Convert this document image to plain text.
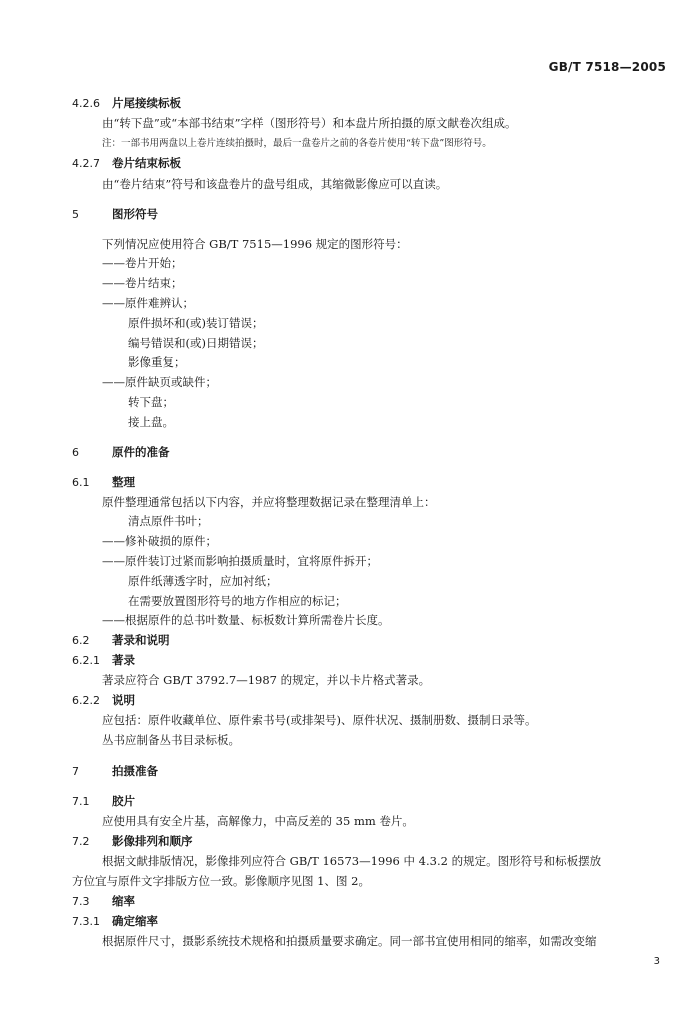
GB/T 7518—2005
4.2.6 片尾接续标板
由“转下盘”或“本部书结束”字样（图形符号）和本盘片所拍摄的原文献卷次组成。
注：一部书用两盘以上卷片连续拍摄时，最后一盘卷片之前的各卷片使用“转下盘”图形符号。
4.2.7 卷片结束标板
由“卷片结束”符号和该盘卷片的盘号组成，其缩微影像应可以直读。
5	图形符号
下列情况应使用符合 GB/T 7515—1996 规定的图形符号：
——卷片开始；
——卷片结束；
——原件难辨认；
原件损坏和(或)装订错误；
编号错误和(或)日期错误；
影像重复；
——原件缺页或缺件；
转下盘；
接上盘。
6	原件的准备
6.1 整理
原件整理通常包括以下内容，并应将整理数据记录在整理清单上：
清点原件书叶；
——修补破损的原件；
——原件装订过紧而影响拍摄质量时，宜将原件拆开；
原件纸薄透字时，应加衬纸；
在需要放置图形符号的地方作相应的标记；
——根据原件的总书叶数量、标板数计算所需卷片长度。
6.2 著录和说明
6.2.1 著录
著录应符合 GB/T 3792.7—1987 的规定，并以卡片格式著录。
6.2.2 说明
应包括：原件收藏单位、原件索书号(或排架号)、原件状况、摄制册数、摄制日录等。
丛书应制备丛书目录标板。
7	拍摄准备
7.1 胶片
应使用具有安全片基，高解像力，中高反差的 35 mm 卷片。
7.2 影像排列和顺序
根据文献排版情况，影像排列应符合 GB/T 16573—1996 中 4.3.2 的规定。图形符号和标板摆放
方位宜与原件文字排版方位一致。影像顺序见图 1、图 2。
7.3 缩率
7.3.1 确定缩率
根据原件尺寸，摄影系统技术规格和拍摄质量要求确定。同一部书宜使用相同的缩率，如需改变缩
3
